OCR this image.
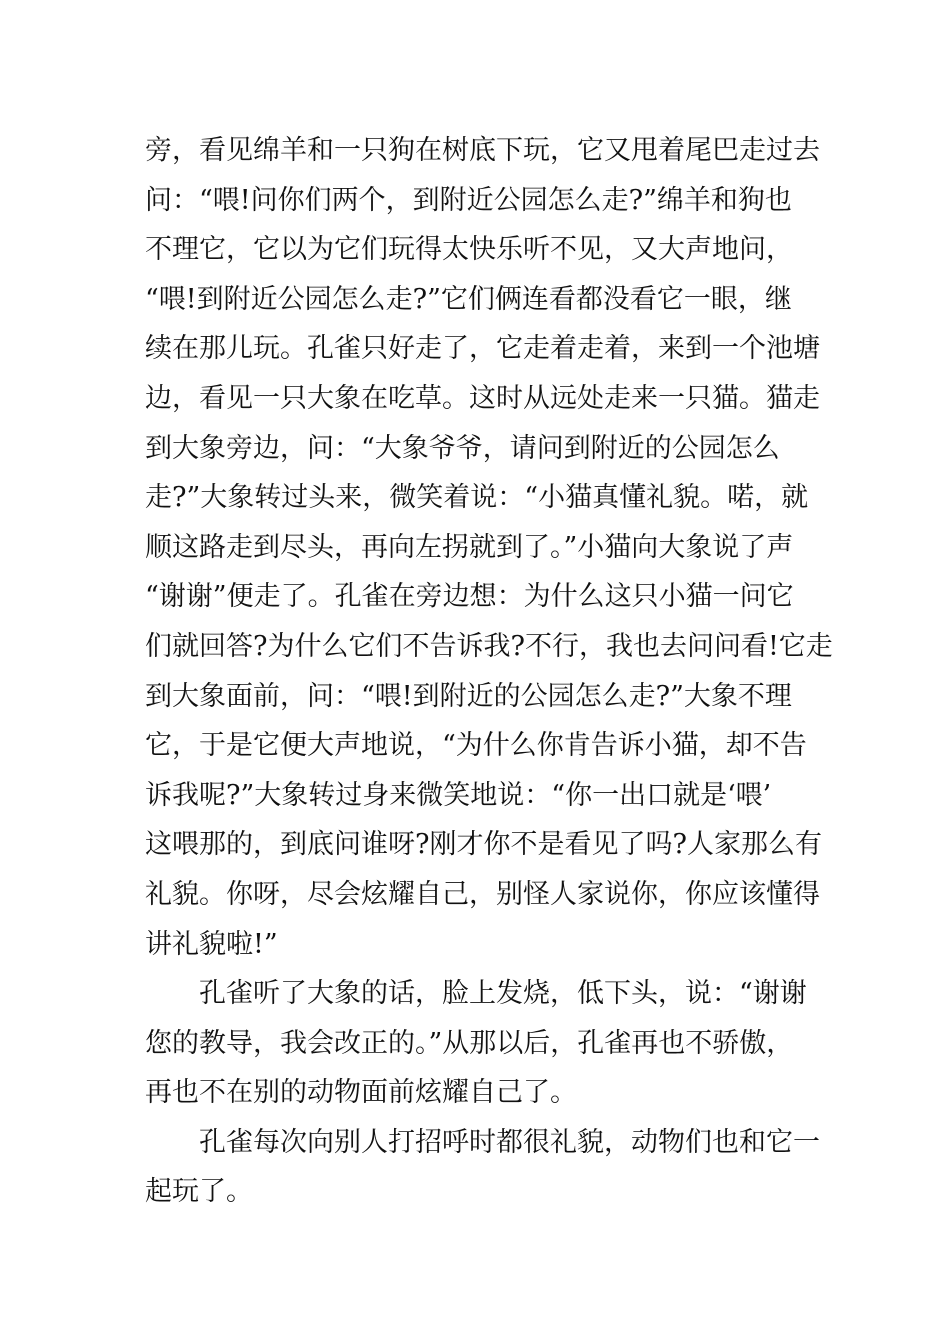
旁，看见绵羊和一只狗在树底下玩，它又甩着尾巴走过去
问：“喂!问你们两个，到附近公园怎么走?”绵羊和狗也
不理它，它以为它们玩得太快乐听不见，又大声地问，
“喂!到附近公园怎么走?”它们俩连看都没看它一眼，继
续在那儿玩。孔雀只好走了，它走着走着，来到一个池塘
边，看见一只大象在吃草。这时从远处走来一只猫。猫走
到大象旁边，问：“大象爷爷，请问到附近的公园怎么
走?”大象转过头来，微笑着说：“小猫真懂礼貌。喏，就
顺这路走到尽头，再向左拐就到了。”小猫向大象说了声
“谢谢”便走了。孔雀在旁边想：为什么这只小猫一问它
们就回答?为什么它们不告诉我?不行，我也去问问看!它走
到大象面前，问：“喂!到附近的公园怎么走?”大象不理
它，于是它便大声地说，“为什么你肯告诉小猫，却不告
诉我呢?”大象转过身来微笑地说：“你一出口就是‘喂’
这喂那的，到底问谁呀?刚才你不是看见了吗?人家那么有
礼貌。你呀，尽会炫耀自己，别怪人家说你，你应该懂得
讲礼貌啦!”
孔雀听了大象的话，脸上发烧，低下头，说：“谢谢
您的教导，我会改正的。”从那以后，孔雀再也不骄傲，
再也不在别的动物面前炫耀自己了。
孔雀每次向别人打招呼时都很礼貌，动物们也和它一
起玩了。
